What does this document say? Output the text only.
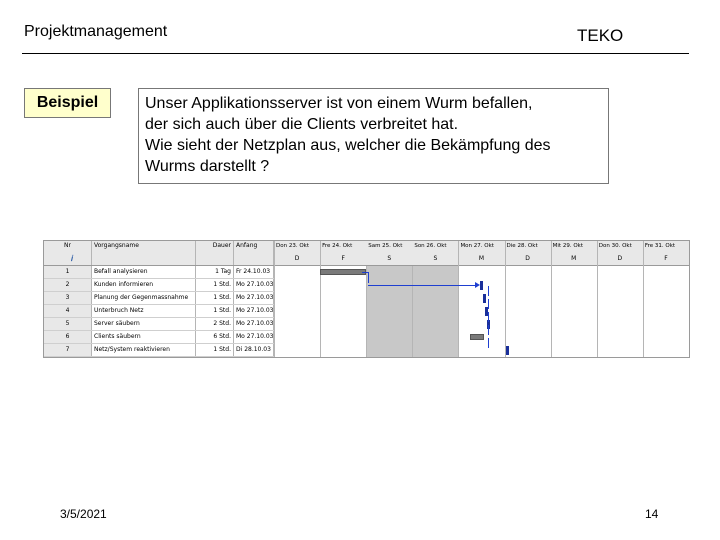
Projektmanagement	TEKO
Beispiel	Unser Applikationsserver ist von einem Wurm befallen,
der sich auch über die Clients verbreitet hat.
Wie sieht der Netzplan aus, welcher die Bekämpfung des
Wurms darstellt ?
Nr	Vorgangsname	Dauer Anfang
𝑖
1	Befall analysieren	1 Tag Fr 24.10.03
2	Kunden informieren	1 Std. Mo 27.10.03
3	Planung der Gegenmassnahme	1 Std. Mo 27.10.03
4	Unterbruch Netz	1 Std. Mo 27.10.03
5	Server säubern	2 Std. Mo 27.10.03
6	Clients säubern	6 Std. Mo 27.10.03
7	Netz/System reaktivieren	1 Std. Di 28.10.03
Don 23. Okt
D
Fre 24. Okt
F
Sam 25. Okt
S
Son 26. Okt
S
Mon 27. Okt
M
Die 28. Okt
D
Mit 29. Okt
M
Don 30. Okt
D
Fre 31. Okt
F
3/5/2021	14
